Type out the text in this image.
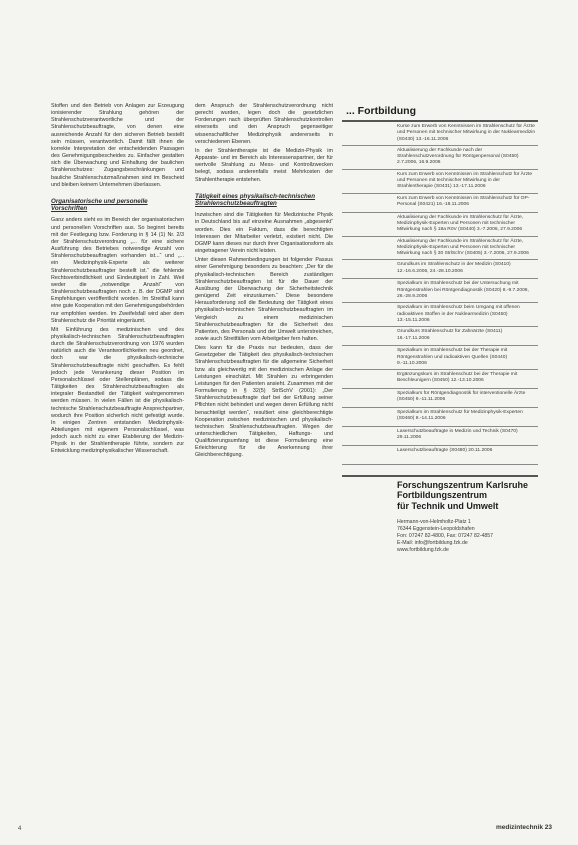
Stoffen und den Betrieb von Anlagen zur Erzeugung ionisierender Strahlung gehören der Strahlenschutzverantwortliche und der Strahlenschutzbeauftragte, von denen eine ausreichende Anzahl für den sicheren Betrieb bestellt sein müssen, verantwortlich. Damit fällt ihnen die korrekte Interpretation der entscheidenden Passagen des Genehmigungsbescheides zu. Einfacher gestalten sich die Überwachung und Einhaltung der baulichen Strahlenschutzes: Zugangsbeschränkungen und bauliche Strahlenschutzmaßnahmen sind im Bescheid und bleiben keinem Unternehmen überlassen.

Organisatorische und personelle Vorschriften

Ganz anders sieht es im Bereich der organisatorischen und personellen Vorschriften aus. So beginnt bereits mit der Festlegung bzw. Forderung in § 14 (1) Nr. 2/3 der Strahlenschutzverordnung „... für eine sichere Ausführung des Betriebes notwendige Anzahl von Strahlenschutzbeauftragten vorhanden ist...“ und „... ein Medizinphysik-Experte als weiterer Strahlenschutzbeauftragter bestellt ist.“ die fehlende Rechtsverbindlichkeit und Eindeutigkeit in Zahl. Weil weder die „notwendige Anzahl“ von Strahlenschutzbeauftragten noch z. B. der DGMP sind Empfehlungen veröffentlicht worden. Im Streitfall kann eine gute Kooperation mit den Genehmigungsbehörden nur empfohlen werden. Im Zweifelsfall wird aber dem Strahlenschutz die Priorität eingeräumt.

Mit Einführung des medizinischen und des physikalisch-technischen Strahlenschutzbeauftragten durch die Strahlenschutzverordnung von 1976 wurden natürlich auch die Verantwortlichkeiten neu geordnet, doch war die physikalisch-technische Strahlenschutzbeauftragte nicht geschaffen. Es fehlt jedoch jede Verankerung dieser Position im Personalschlüssel oder Stellenplänen, sodass die Tätigkeiten des Strahlenschutzbeauftragten als integraler Bestandteil der Tätigkeit wahrgenommen werden müssen. In vielen Fällen ist die physikalisch-technische Strahlenschutzbeauftragte Ansprechpartner, wodurch ihre Position sicherlich nicht gefestigt wurde. In einigen Zentren entstanden Medizinphysik-Abteilungen mit eigenem Personalschlüssel, was jedoch auch nicht zu einer Etablierung der Medizin-Physik in der Strahlentherapie führte, sondern zur Entwicklung medizinphysikalischer Wissenschaft.

dem Anspruch der Strahlenschutzverordnung nicht gerecht wurden, legen doch die gesetzlichen Forderungen nach überprüften Strahlenschutzkontrollen einerseits und den Anspruch gegenseitiger wissenschaftlicher Medizinphysik andererseits in verschiedenen Ebenen.

In der Strahlentherapie ist die Medizin-Physik im Apparate- und im Bereich als Interessenspartner, der für wertvolle Strahlung zu Mess- und Kontrollzwecken belegt, sodass anderenfalls meist Mehrkosten der Strahlentherapie entstehen.

Tätigkeit eines physikalisch-technischen Strahlenschutzbeauftragten

Inzwischen sind die Tätigkeiten für Medizinische Physik in Deutschland bis auf einzelne Ausnahmen „abgesenkt“ worden. Dies ein Faktum, dass die berechtigten Interessen der Mitarbeiter verletzt, existiert nicht. Die DGMP kann dieses nur durch ihrer Organisationsform als eingetragener Verein nicht leisten.

Unter diesen Rahmenbedingungen ist folgender Passus einer Genehmigung besonders zu beachten: „Der für die physikalisch-technischen Bereich zuständigen Strahlenschutzbeauftragten ist für die Dauer der Ausübung der Überwachung der Sicherheitstechnik genügend Zeit einzuräumen.“ Diese besondere Herausforderung soll die Bedeutung der Tätigkeit eines physikalisch-technischen Strahlenschutzbeauftragten im Vergleich zu einem medizinischen Strahlenschutzbeauftragten für die Sicherheit des Patienten, des Personals und der Umwelt unterstreichen, sowie auch Streitfällen vom Arbeitgeber fern halten.

Dies kann für die Praxis nur bedeuten, dass der Gesetzgeber die Tätigkeit des physikalisch-technischen Strahlenschutzbeauftragten für die allgemeine Sicherheit bzw. als gleichwertig mit den medizinischen Anlage der Leistungen einschätzt. Mit Strahlen zu erbringenden Leistungen für den Patienten ansieht. Zusammen mit der Formulierung in § 32(5) StrlSchV (2001): „Der Strahlenschutzbeauftragte darf bei der Erfüllung seiner Pflichten nicht behindert und wegen deren Erfüllung nicht benachteiligt werden“, resultiert eine gleichberechtigte Kooperation zwischen medizinischen und physikalisch-technischen Strahlenschutzbeauftragten. Wegen der unterschiedlichen Tätigkeiten, Haftungs- und Qualifizierungsumfang ist diese Formulierung eine Erleichterung für die Anerkennung ihrer Gleichberechtigung.

... Fortbildung
Kurse zum Erwerb von Kenntnissen im Strahlenschutz für Ärzte und Personen mit technischer Mitwirkung in der Nuklearmedizin (S0430) 13.-16.11.2006
Aktualisierung der Fachkunde nach der Strahlenschutzverordnung für Röntgenpersonal (S0450) 2.7.2006, 16.9.2006
Kurs zum Erwerb von Kenntnissen im Strahlenschutz für Ärzte und Personen mit technischer Mitwirkung in der Strahlentherapie (S0431) 13.-17.11.2006
Kurs zum Erwerb von Kenntnissen im Strahlenschutz für OP-Personal (S0421) 16.-18.11.2006
Aktualisierung der Fachkunde im Strahlenschutz für Ärzte, Medizinphysik-Experten und Personen mit technischer Mitwirkung nach § 18a RöV (S0440) 3.-7.2006, 27.9.2006
Aktualisierung der Fachkunde im Strahlenschutz für Ärzte, Medizinphysik-Experten und Personen mit technischer Mitwirkung nach § 30 StrlSchV (S0405) 3.-7.2006, 27.9.2006
Grundkurs im Strahlenschutz in der Medizin (S0410) 12.-16.6.2006, 24.-28.10.2006
Spezialkurs im Strahlenschutz bei der Untersuchung mit Röntgenstrahlen bei Röntgendiagnostik (S0420) 8.-9.7.2006, 26.-28.9.2006
Spezialkurs im Strahlenschutz beim Umgang mit offenen radioaktiven Stoffen in der Nuklearmedizin (S0450) 13.-15.11.2006
Grundkurs Strahlenschutz für Zahnärzte (S0411) 16.-17.11.2006
Spezialkurs im Strahlenschutz bei der Therapie mit Röntgenstrahlen und radioaktiven Quellen (S0440) 9.-11.10.2006
Ergänzungskurs im Strahlenschutz bei der Therapie mit Beschleunigern (S0450) 12.-13.10.2006
Spezialkurs für Röntgendiagnostik für interventionelle Ärzte (S0450) 9.-11.11.2006
Spezialkurs im Strahlenschutz für Medizinphysik-Experten (S0460) 8.-14.11.2006
Laserschutzbeauftragte in Medizin und Technik (S0470) 29.11.2006
Laserschutzbeauftragte (S0480) 20.11.2006
Forschungszentrum Karlsruhe
Fortbildungszentrum
für Technik und Umwelt
Hermann-von-Helmholtz-Platz 1
76344 Eggenstein-Leopoldshafen
Fon: 07247 82-4800, Fax: 07247 82-4857
E-Mail: info@fortbildung.fzk.de
www.fortbildung.fzk.de
4	medizintechnik 23
